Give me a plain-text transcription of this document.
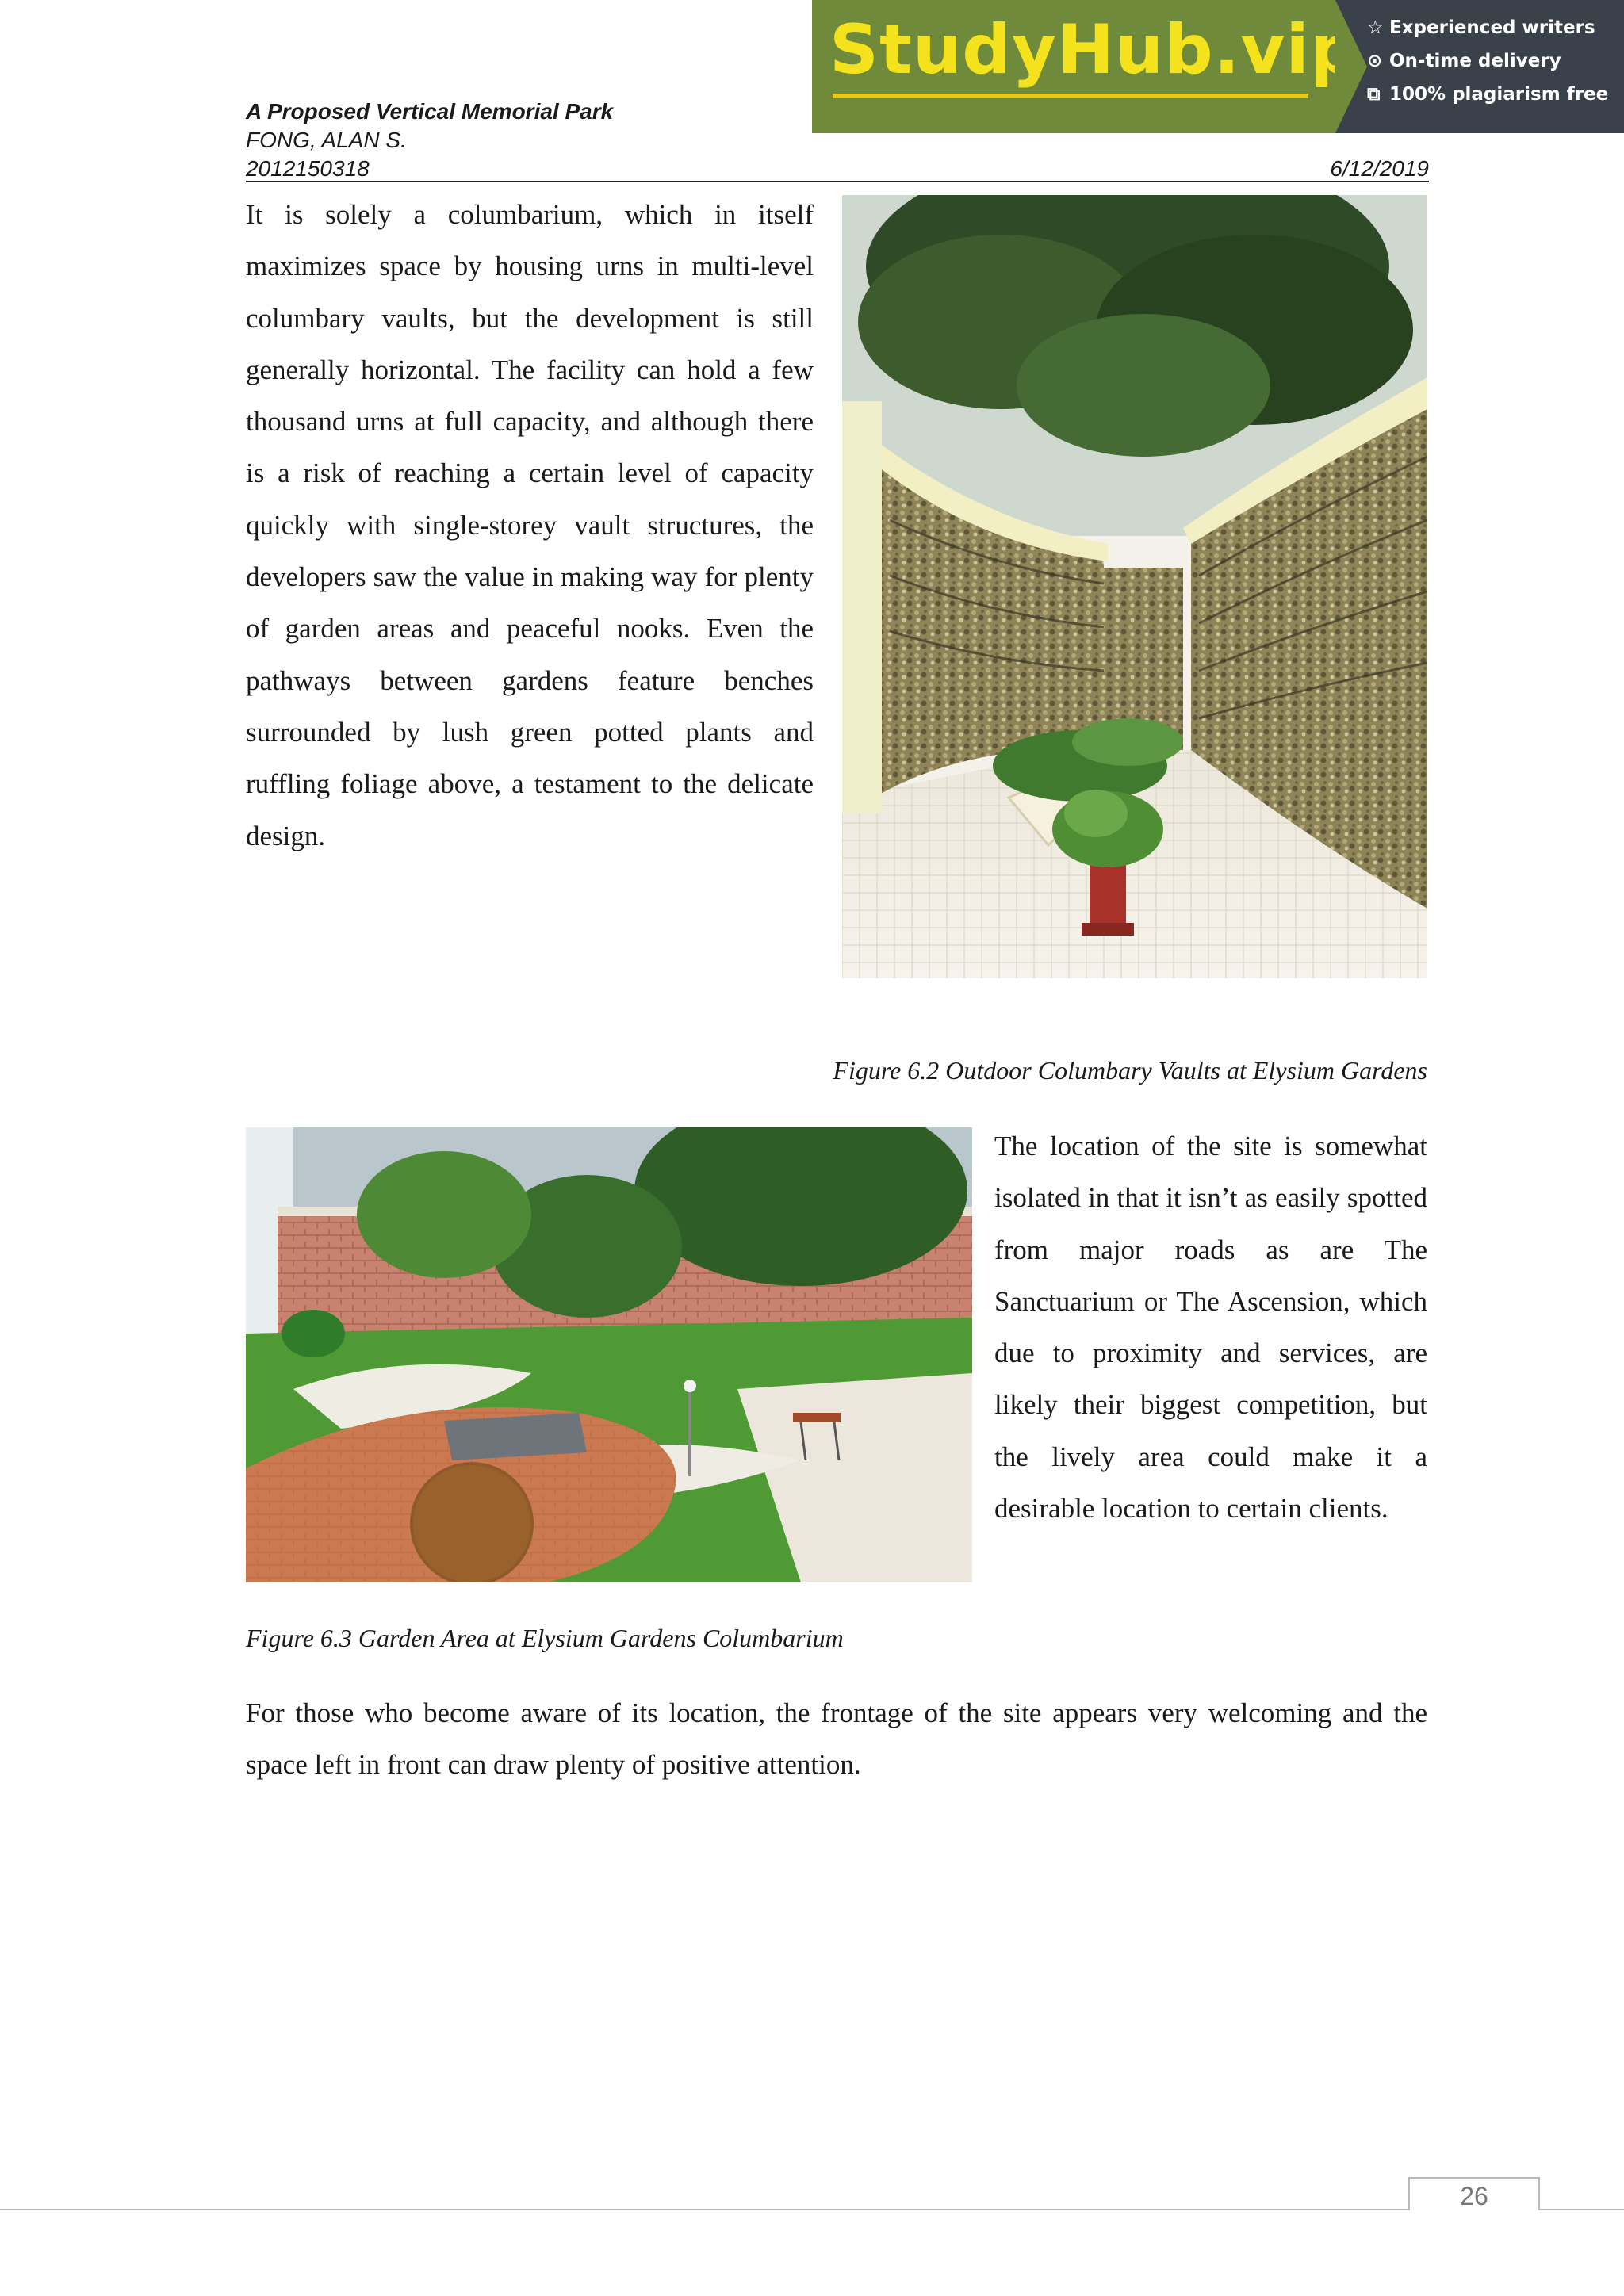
StudyHub.vip ☆ Experienced writers
⊙ On-time delivery
⧉ 100% plagiarism free
A Proposed Vertical Memorial Park
FONG, ALAN S.
2012150318	6/12/2019
It is solely a columbarium, which in itself maximizes space by housing urns in multi-level columbary vaults, but the development is still generally horizontal. The facility can hold a few thousand urns at full capacity, and although there is a risk of reaching a certain level of capacity quickly with single-storey vault structures, the developers saw the value in making way for plenty of garden areas and peaceful nooks. Even the pathways between gardens feature benches surrounded by lush green potted plants and ruffling foliage above, a testament to the delicate design.
Figure 6.2 Outdoor Columbary Vaults at Elysium Gardens
The location of the site is somewhat isolated in that it isn’t as easily spotted from major roads as are The Sanctuarium or The Ascension, which due to proximity and services, are likely their biggest competition, but the lively area could make it a desirable location to certain clients.
Figure 6.3 Garden Area at Elysium Gardens Columbarium
For those who become aware of its location, the frontage of the site appears very welcoming and the space left in front can draw plenty of positive attention.
26
